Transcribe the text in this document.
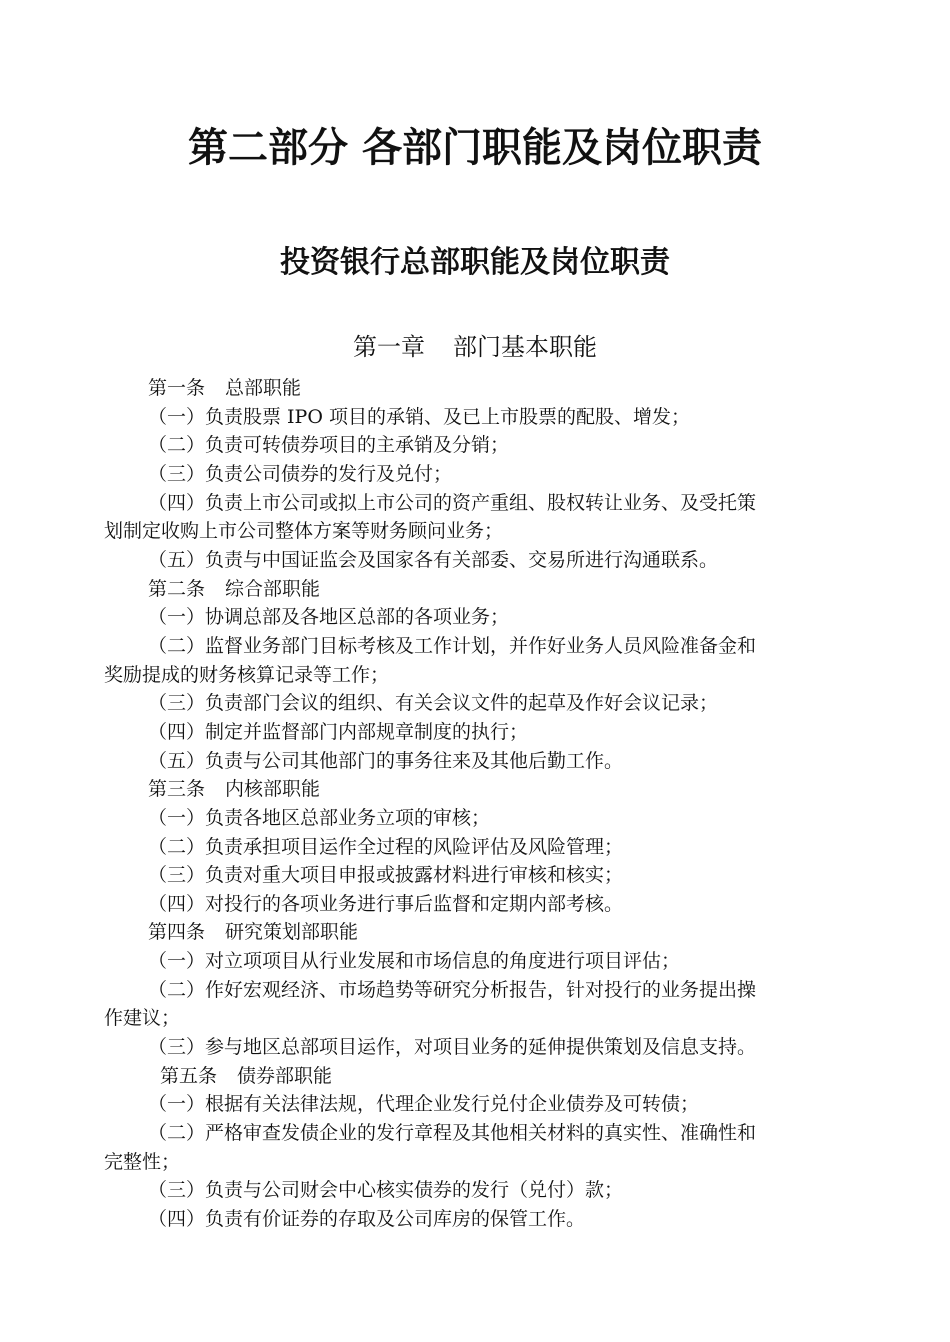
第二部分 各部门职能及岗位职责
投资银行总部职能及岗位职责
第一章 部门基本职能
第一条 总部职能
（一）负责股票 IPO 项目的承销、及已上市股票的配股、增发；
（二）负责可转债券项目的主承销及分销；
（三）负责公司债券的发行及兑付；
（四）负责上市公司或拟上市公司的资产重组、股权转让业务、及受托策
划制定收购上市公司整体方案等财务顾问业务；
（五）负责与中国证监会及国家各有关部委、交易所进行沟通联系。
第二条 综合部职能
（一）协调总部及各地区总部的各项业务；
（二）监督业务部门目标考核及工作计划，并作好业务人员风险准备金和
奖励提成的财务核算记录等工作；
（三）负责部门会议的组织、有关会议文件的起草及作好会议记录；
（四）制定并监督部门内部规章制度的执行；
（五）负责与公司其他部门的事务往来及其他后勤工作。
第三条 内核部职能
（一）负责各地区总部业务立项的审核；
（二）负责承担项目运作全过程的风险评估及风险管理；
（三）负责对重大项目申报或披露材料进行审核和核实；
（四）对投行的各项业务进行事后监督和定期内部考核。
第四条 研究策划部职能
（一）对立项项目从行业发展和市场信息的角度进行项目评估；
（二）作好宏观经济、市场趋势等研究分析报告，针对投行的业务提出操
作建议；
（三）参与地区总部项目运作，对项目业务的延伸提供策划及信息支持。
第五条 债券部职能
（一）根据有关法律法规，代理企业发行兑付企业债券及可转债；
（二）严格审查发债企业的发行章程及其他相关材料的真实性、准确性和
完整性；
（三）负责与公司财会中心核实债券的发行（兑付）款；
（四）负责有价证券的存取及公司库房的保管工作。
